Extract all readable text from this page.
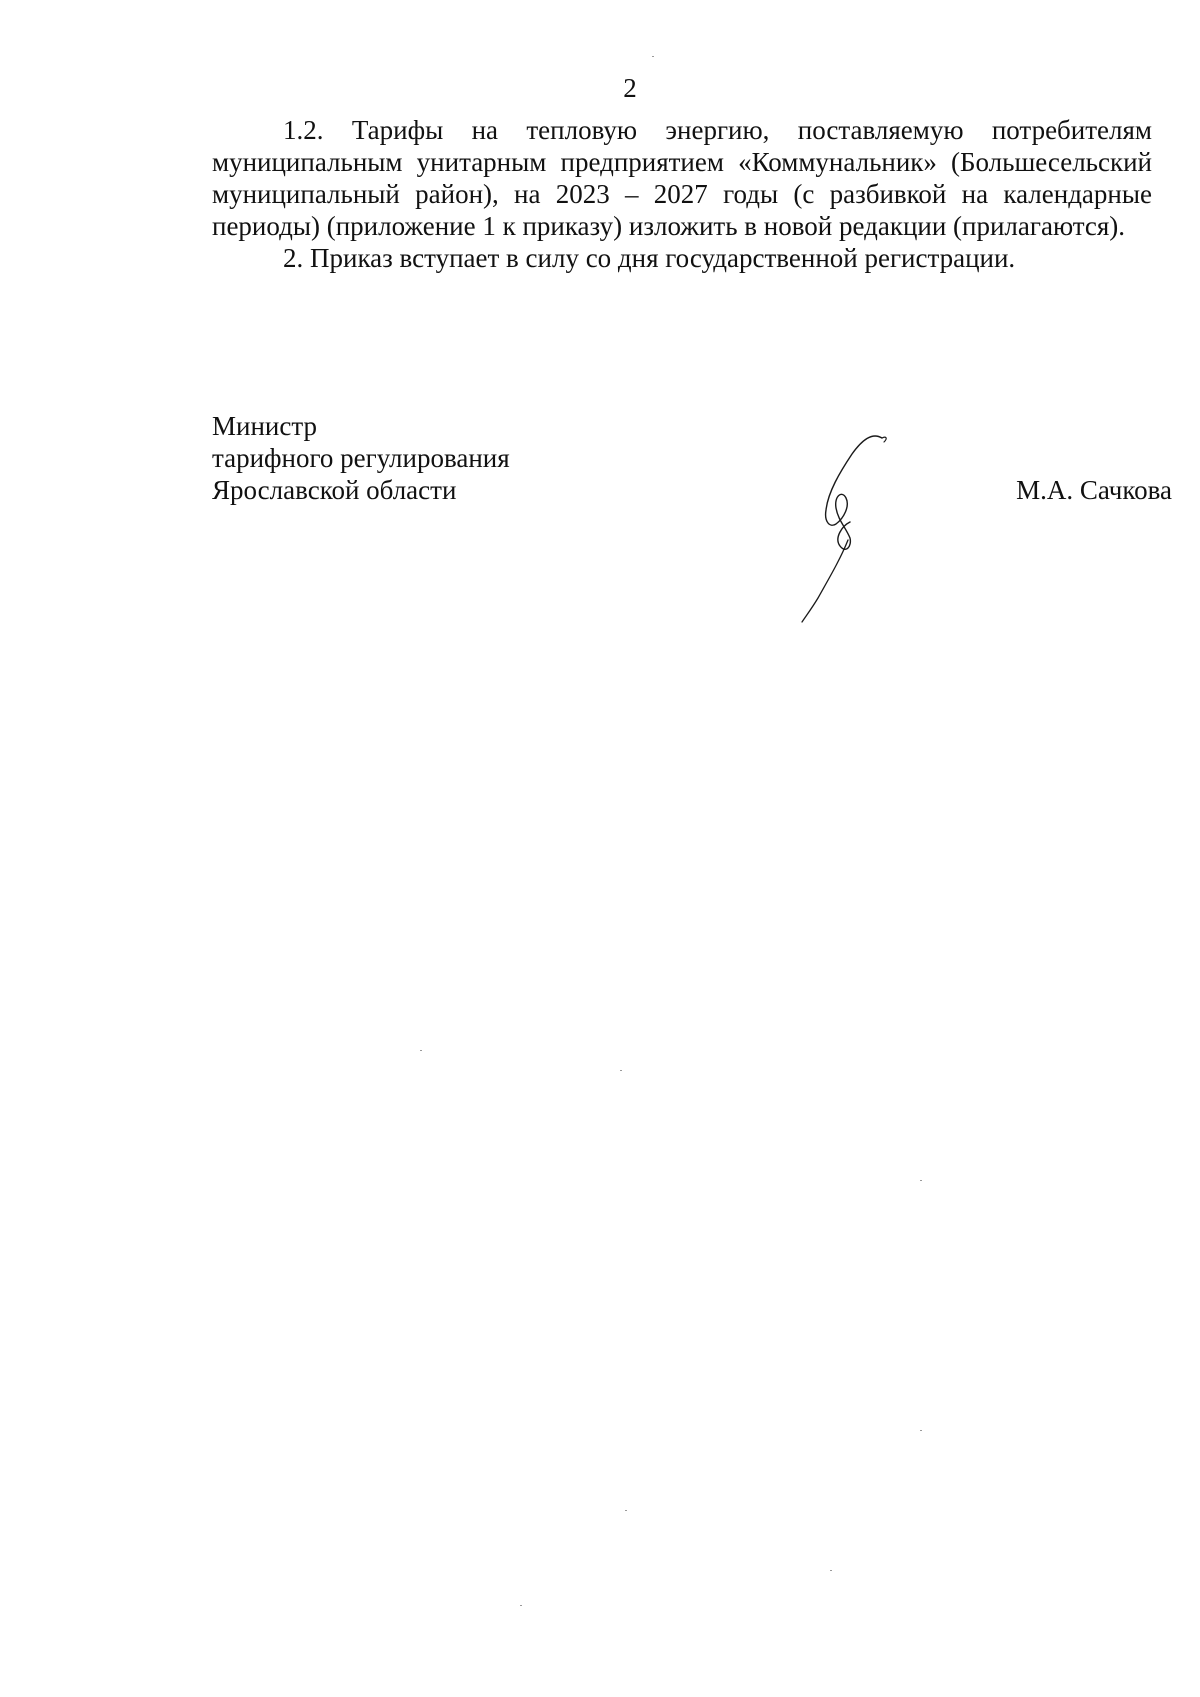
2

1.2. Тарифы на тепловую энергию, поставляемую потребителям муниципальным унитарным предприятием «Коммунальник» (Большесельский муниципальный район), на 2023 – 2027 годы (с разбивкой на календарные периоды) (приложение 1 к приказу) изложить в новой редакции (прилагаются).

2. Приказ вступает в силу со дня государственной регистрации.

Министр
тарифного регулирования
Ярославской области	М.А. Сачкова
